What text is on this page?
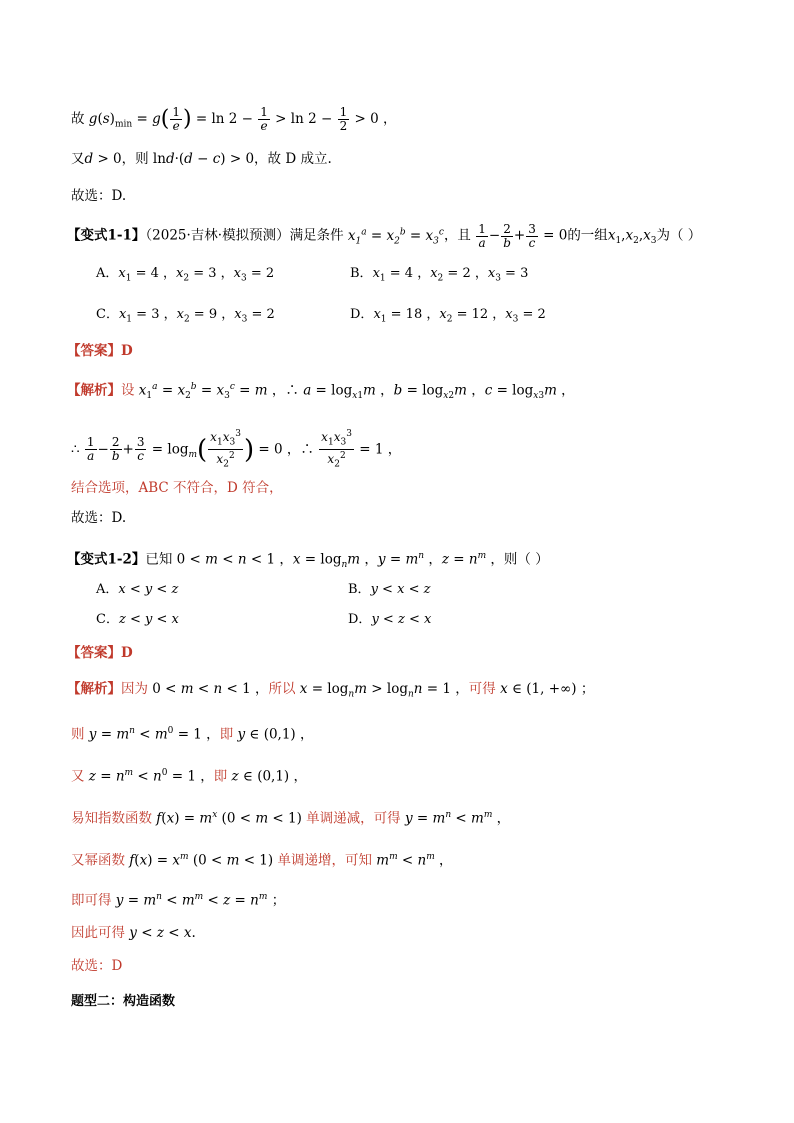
故 $g(s)_{min} = g( \frac{1}{e}$ ) = $\ln 2 - \frac{1}{e} > \ln 2 - \frac{1}{2} > 0$ ，
又d > 0，则 lnd·(d − c) > 0，故 D 成立.
故选：D.
【变式1-1】（2025·吉林·模拟预测）满足条件 $x_1^a = x_2^b = x_3^c$，且 $\frac{1}{a} - \frac{2}{b} + \frac{3}{c} = 0$的一组$x_1,x_2,x_3$为（ ）
A．$x_1 = 4$ ，$x_2 = 3$ ，$x_3 = 2$	B．$x_1 = 4$ ，$x_2 = 2$ ，$x_3 = 3$
C．$x_1 = 3$ ，$x_2 = 9$ ，$x_3 = 2$	D．$x_1 = 18$ ，$x_2 = 12$ ，$x_3 = 2$
【答案】D
【解析】设 $x_1^a = x_2^b = x_3^c = m$ ，∴ $a = \log_{x1}m$ ，$b = \log_{x2}m$ ，$c = \log_{x3}m$ ，
∴ $\frac{1}{a} - \frac{2}{b} + \frac{3}{c} = \log_m( \frac{x_1x_3^3}{x_2^2}$ ) = 0 ，∴ $\frac{x_1x_3^3}{x_2^2} = 1$ ，
结合选项，ABC 不符合，D 符合，
故选：D.
【变式1-2】已知 0 < m < n < 1 ，$x = \log_nm$ ，$y = m^n$ ，$z = n^m$ ，则（ ）
A．x < y < z	B．y < x < z
C．z < y < x	D．y < z < x
【答案】D
【解析】因为 0 < m < n < 1 ，所以 $x = \log_nm > \log_nn = 1$ ，可得 x ∈ (1, +∞) ；
则 $y = m^n < m^0 = 1$ ，即 y ∈ (0,1) ，
又 $z = n^m < n^0 = 1$ ，即 z ∈ (0,1) ，
易知指数函数 $f(x) = m^x$ (0 < m < 1) 单调递减，可得 $y = m^n < m^m$ ，
又幂函数 $f(x) = x^m$ (0 < m < 1) 单调递增，可知 $m^m < n^m$ ，
即可得 $y = m^n < m^m < z = n^m$ ；
因此可得 y < z < x.
故选：D
题型二：构造函数
